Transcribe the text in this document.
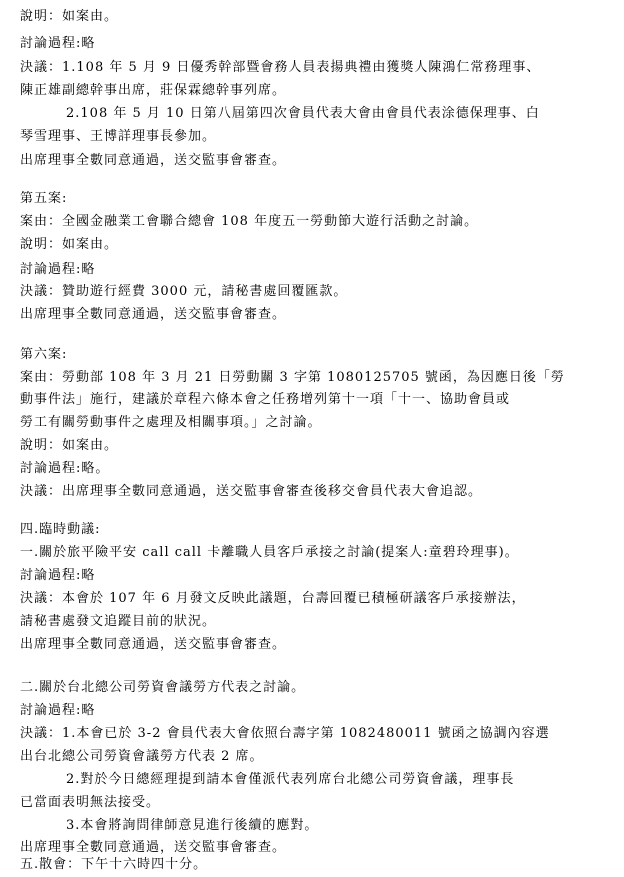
說明：如案由。
討論過程:略
決議：1.108 年 5 月 9 日優秀幹部暨會務人員表揚典禮由獲獎人陳鴻仁常務理事、
陳正雄副總幹事出席，莊保霖總幹事列席。
2.108 年 5 月 10 日第八屆第四次會員代表大會由會員代表涂德保理事、白
琴雪理事、王博詳理事長參加。
出席理事全數同意通過，送交監事會審查。
第五案:
案由：全國金融業工會聯合總會 108 年度五一勞動節大遊行活動之討論。
說明：如案由。
討論過程:略
決議：贊助遊行經費 3000 元，請秘書處回覆匯款。
出席理事全數同意通過，送交監事會審查。
第六案:
案由：勞動部 108 年 3 月 21 日勞動關 3 字第 1080125705 號函，為因應日後「勞
動事件法」施行，建議於章程六條本會之任務增列第十一項「十一、協助會員或
勞工有關勞動事件之處理及相關事項。」之討論。
說明：如案由。
討論過程:略。
決議：出席理事全數同意通過，送交監事會審查後移交會員代表大會追認。
四.臨時動議:
一.關於旅平險平安 call call 卡離職人員客戶承接之討論(提案人:童碧玲理事)。
討論過程:略
決議：本會於 107 年 6 月發文反映此議題，台壽回覆已積極研議客戶承接辦法，
請秘書處發文追蹤目前的狀況。
出席理事全數同意通過，送交監事會審查。
二.關於台北總公司勞資會議勞方代表之討論。
討論過程:略
決議：1.本會已於 3-2 會員代表大會依照台壽字第 1082480011 號函之協調內容選
出台北總公司勞資會議勞方代表 2 席。
2.對於今日總經理提到請本會僅派代表列席台北總公司勞資會議，理事長
已當面表明無法接受。
3.本會將詢問律師意見進行後續的應對。
出席理事全數同意通過，送交監事會審查。
五.散會：下午十六時四十分。
